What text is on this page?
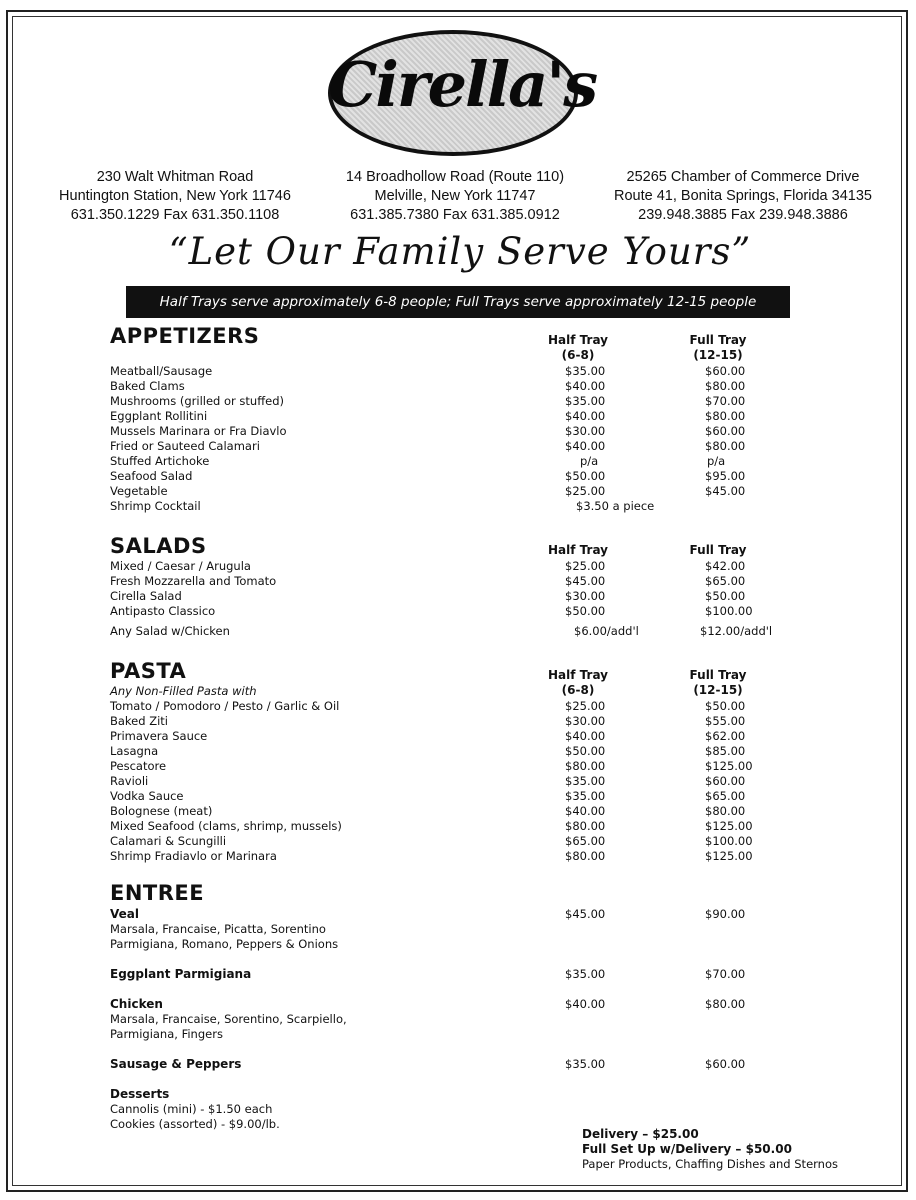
Cirella's
230 Walt Whitman Road
Huntington Station, New York 11746
631.350.1229 Fax 631.350.1108
14 Broadhollow Road (Route 110)
Melville, New York 11747
631.385.7380 Fax 631.385.0912
25265 Chamber of Commerce Drive
Route 41, Bonita Springs, Florida 34135
239.948.3885 Fax 239.948.3886
“Let Our Family Serve Yours”
Half Trays serve approximately 6-8 people; Full Trays serve approximately 12-15 people
APPETIZERS	Half Tray
(6-8)
Full Tray
(12-15)
Meatball/Sausage	$35.00	$60.00
Baked Clams	$40.00	$80.00
Mushrooms (grilled or stuffed)	$35.00	$70.00
Eggplant Rollitini	$40.00	$80.00
Mussels Marinara or Fra Diavlo	$30.00	$60.00
Fried or Sauteed Calamari	$40.00	$80.00
Stuffed Artichoke	p/a	p/a
Seafood Salad	$50.00	$95.00
Vegetable	$25.00	$45.00
Shrimp Cocktail	$3.50 a piece
SALADS	Half Tray	Full Tray
Mixed / Caesar / Arugula	$25.00	$42.00
Fresh Mozzarella and Tomato	$45.00	$65.00
Cirella Salad	$30.00	$50.00
Antipasto Classico	$50.00	$100.00
Any Salad w/Chicken	$6.00/add'l	$12.00/add'l
PASTA	Half Tray
(6-8)
Full Tray
(12-15)
Any Non-Filled Pasta with
Tomato / Pomodoro / Pesto / Garlic & Oil	$25.00	$50.00
Baked Ziti	$30.00	$55.00
Primavera Sauce	$40.00	$62.00
Lasagna	$50.00	$85.00
Pescatore	$80.00	$125.00
Ravioli	$35.00	$60.00
Vodka Sauce	$35.00	$65.00
Bolognese (meat)	$40.00	$80.00
Mixed Seafood (clams, shrimp, mussels)	$80.00	$125.00
Calamari & Scungilli	$65.00	$100.00
Shrimp Fradiavlo or Marinara	$80.00	$125.00
ENTREE
Veal
Marsala, Francaise, Picatta, Sorentino
Parmigiana, Romano, Peppers & Onions
$45.00	$90.00
Eggplant Parmigiana	$35.00	$70.00
Chicken
Marsala, Francaise, Sorentino, Scarpiello,
Parmigiana, Fingers
$40.00	$80.00
Sausage & Peppers	$35.00	$60.00
Desserts
Cannolis (mini) - $1.50 each
Cookies (assorted) - $9.00/lb.
Delivery – $25.00
Full Set Up w/Delivery – $50.00
Paper Products, Chaffing Dishes and Sternos
